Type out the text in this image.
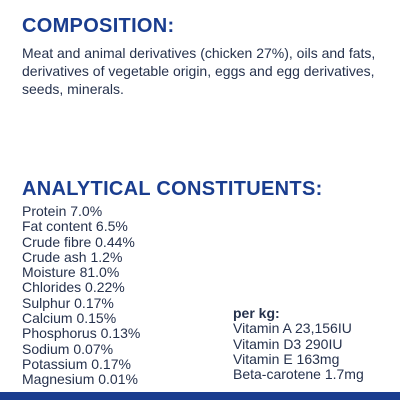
COMPOSITION:

Meat and animal derivatives (chicken 27%), oils and fats, derivatives of vegetable origin, eggs and egg derivatives, seeds, minerals.

ANALYTICAL CONSTITUENTS:
Protein 7.0%
Fat content 6.5%
Crude fibre 0.44%
Crude ash 1.2%
Moisture 81.0%
Chlorides 0.22%
Sulphur 0.17%
Calcium 0.15%
Phosphorus 0.13%
Sodium 0.07%
Potassium 0.17%
Magnesium 0.01%
per kg:
Vitamin A 23,156IU
Vitamin D3 290IU
Vitamin E 163mg
Beta-carotene 1.7mg
